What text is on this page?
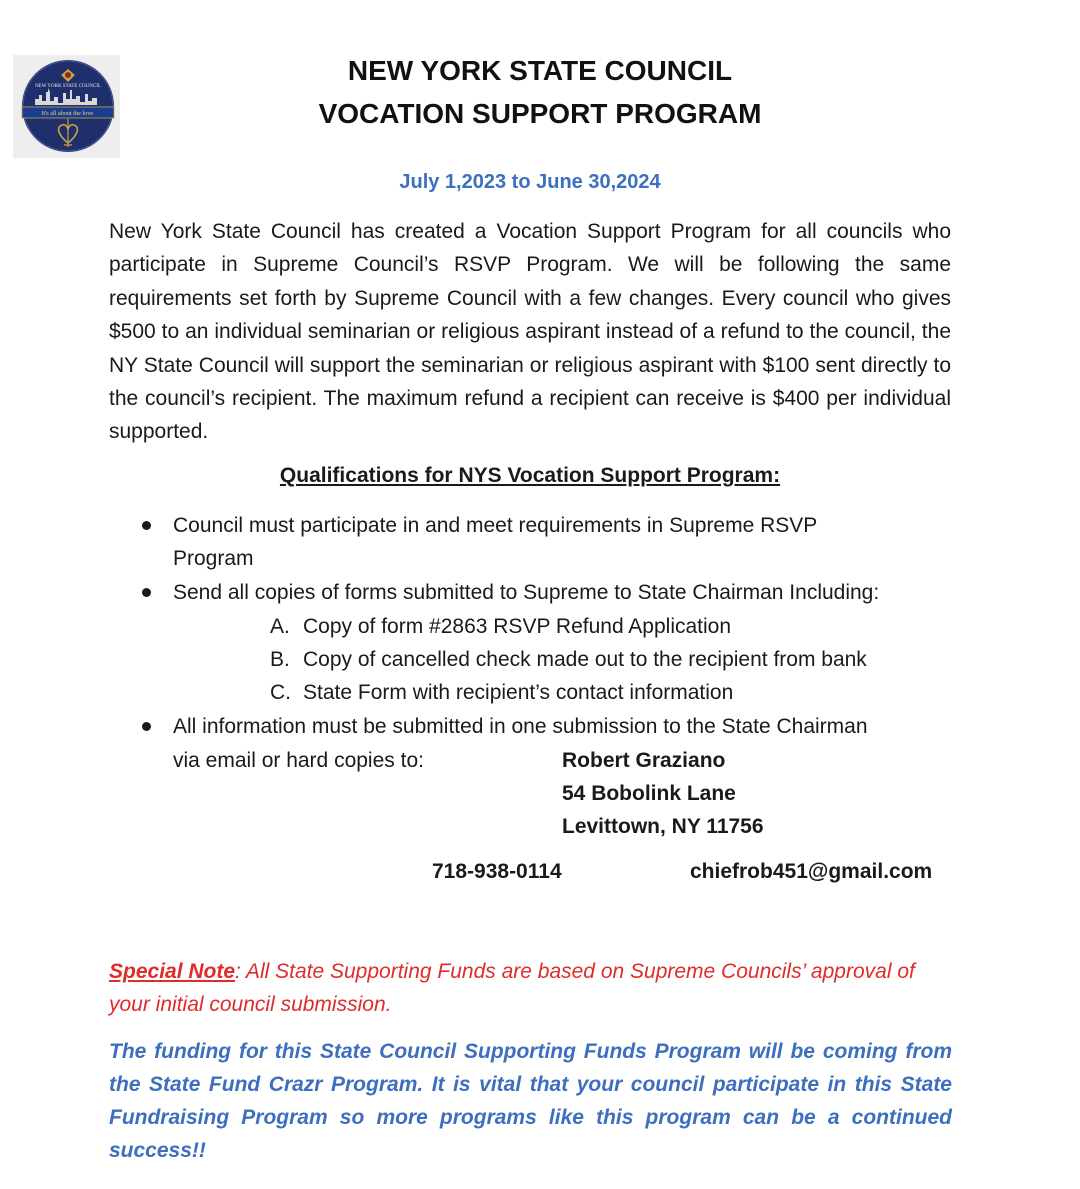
NEW YORK STATE COUNCIL
It's all about the love.
NEW YORK STATE COUNCIL
VOCATION SUPPORT PROGRAM
July 1,2023 to June 30,2024

New York State Council has created a Vocation Support Program for all councils who participate in Supreme Council’s RSVP Program. We will be following the same requirements set forth by Supreme Council with a few changes. Every council who gives $500 to an individual seminarian or religious aspirant instead of a refund to the council, the NY State Council will support the seminarian or religious aspirant with $100 sent directly to the council’s recipient. The maximum refund a recipient can receive is $400 per individual supported.

Qualifications for NYS Vocation Support Program:
Council must participate in and meet requirements in Supreme RSVP
Program
Send all copies of forms submitted to Supreme to State Chairman Including:
A. Copy of form #2863 RSVP Refund Application
B. Copy of cancelled check made out to the recipient from bank
C. State Form with recipient’s contact information
All information must be submitted in one submission to the State Chairman
via email or hard copies to:	Robert Graziano
54 Bobolink Lane
Levittown, NY 11756
718-938-0114	chiefrob451@gmail.com

Special Note: All State Supporting Funds are based on Supreme Councils’ approval of your initial council submission.

The funding for this State Council Supporting Funds Program will be coming from the State Fund Crazr Program. It is vital that your council participate in this State Fundraising Program so more programs like this program can be a continued success!!
